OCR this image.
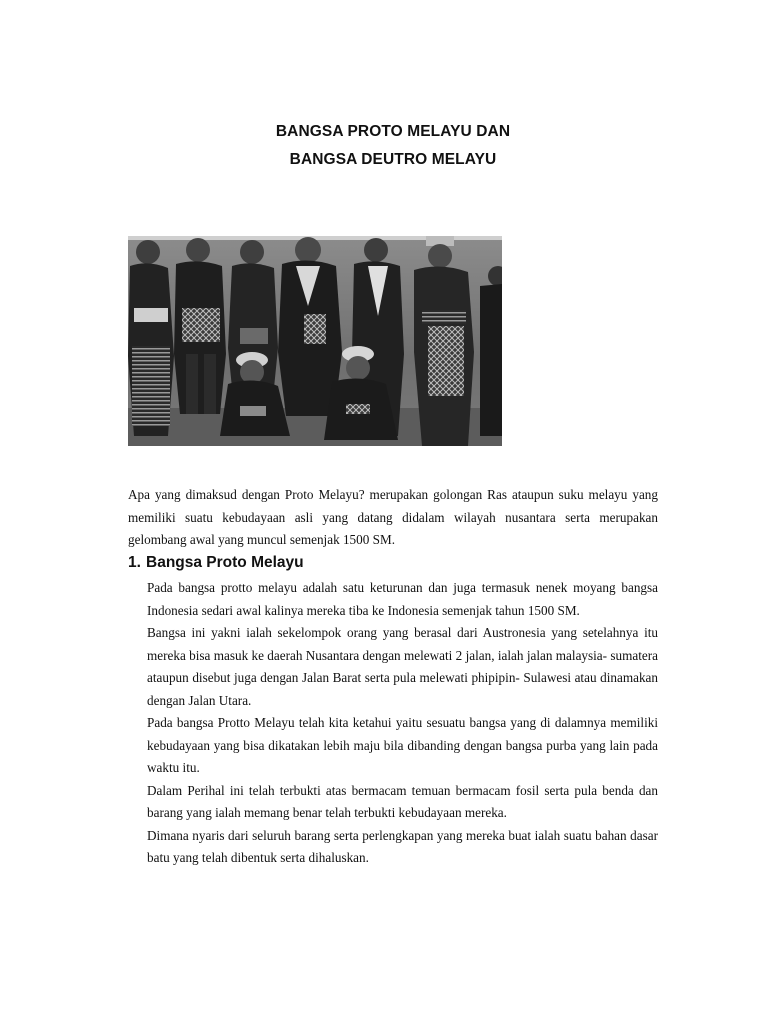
BANGSA PROTO MELAYU DAN
BANGSA DEUTRO MELAYU

Apa yang dimaksud dengan Proto Melayu? merupakan golongan Ras ataupun suku melayu yang memiliki suatu kebudayaan asli yang datang didalam wilayah nusantara serta merupakan gelombang awal yang muncul semenjak 1500 SM.

1. Bangsa Proto Melayu

Pada bangsa protto melayu adalah satu keturunan dan juga termasuk nenek moyang bangsa Indonesia sedari awal kalinya mereka tiba ke Indonesia semenjak tahun 1500 SM.

Bangsa ini yakni ialah sekelompok orang yang berasal dari Austronesia yang setelahnya itu mereka bisa masuk ke daerah Nusantara dengan melewati 2 jalan, ialah jalan malaysia- sumatera ataupun disebut juga dengan Jalan Barat serta pula melewati phipipin- Sulawesi atau dinamakan dengan Jalan Utara.

Pada bangsa Protto Melayu telah kita ketahui yaitu sesuatu bangsa yang di dalamnya memiliki kebudayaan yang bisa dikatakan lebih maju bila dibanding dengan bangsa purba yang lain pada waktu itu.

Dalam Perihal ini telah terbukti atas bermacam temuan bermacam fosil serta pula benda dan barang yang ialah memang benar telah terbukti kebudayaan mereka.

Dimana nyaris dari seluruh barang serta perlengkapan yang mereka buat ialah suatu bahan dasar batu yang telah dibentuk serta dihaluskan.
